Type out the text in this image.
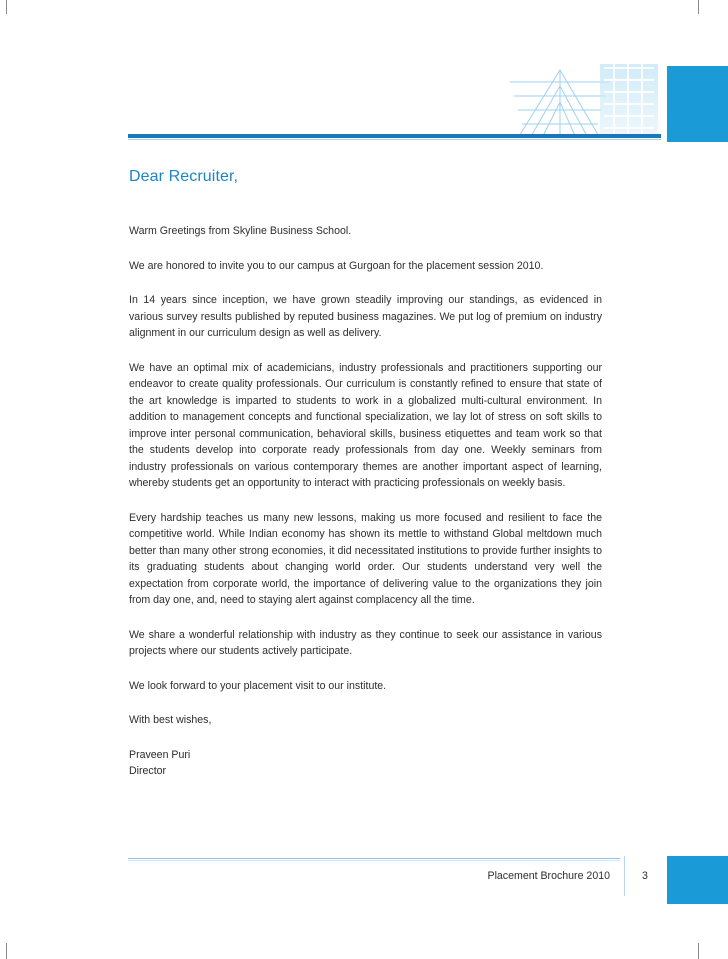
Dear Recruiter,

Warm Greetings from Skyline Business School.

We are honored to invite you to our campus at Gurgoan for the placement session 2010.

In 14 years since inception, we have grown steadily improving our standings, as evidenced in various survey results published by reputed business magazines. We put log of premium on industry alignment in our curriculum design as well as delivery.

We have an optimal mix of academicians, industry professionals and practitioners supporting our endeavor to create quality professionals. Our curriculum is constantly refined to ensure that state of the art knowledge is imparted to students to work in a globalized multi-cultural environment. In addition to management concepts and functional specialization, we lay lot of stress on soft skills to improve inter personal communication, behavioral skills, business etiquettes and team work so that the students develop into corporate ready professionals from day one. Weekly seminars from industry professionals on various contemporary themes are another important aspect of learning, whereby students get an opportunity to interact with practicing professionals on weekly basis.

Every hardship teaches us many new lessons, making us more focused and resilient to face the competitive world. While Indian economy has shown its mettle to withstand Global meltdown much better than many other strong economies, it did necessitated institutions to provide further insights to its graduating students about changing world order. Our students understand very well the expectation from corporate world, the importance of delivering value to the organizations they join from day one, and, need to staying alert against complacency all the time.

We share a wonderful relationship with industry as they continue to seek our assistance in various projects where our students actively participate.

We look forward to your placement visit to our institute.

With best wishes,

Praveen Puri

Director

Placement Brochure 2010	3
